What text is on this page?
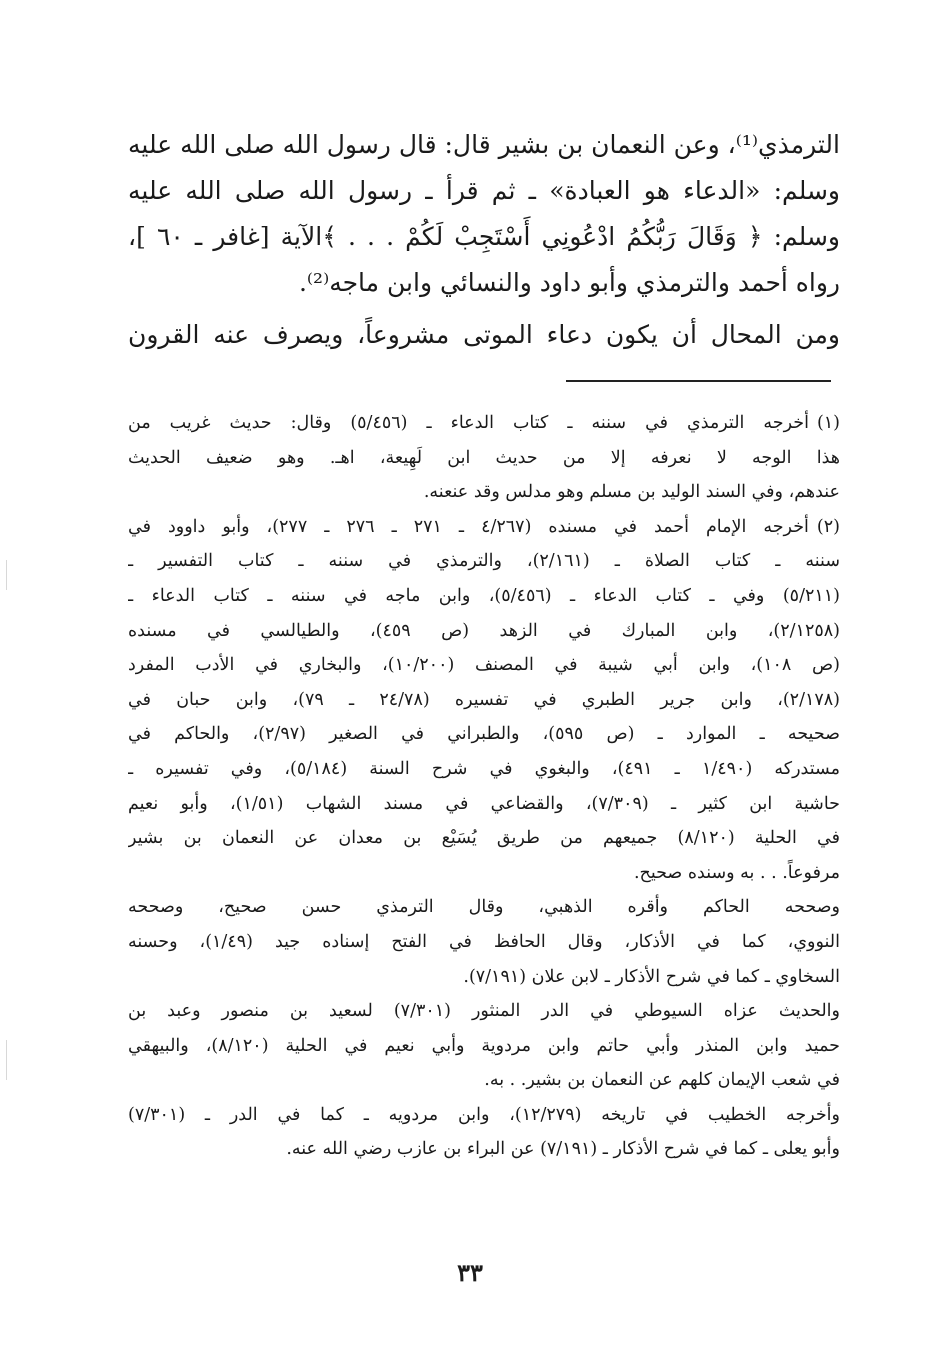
الترمذي⁽¹⁾، وعن النعمان بن بشير قال: قال رسول الله صلى الله عليه
وسلم: «الدعاء هو العبادة» ـ ثم قرأ ـ رسول الله صلى الله عليه
وسلم: ﴿ وَقَالَ رَبُّكُمُ ادْعُونِي أَسْتَجِبْ لَكُمْ . . . ﴾الآية [غافر ـ ٦٠ ]،
رواه أحمد والترمذي وأبو داود والنسائي وابن ماجه⁽²⁾.
ومن المحال أن يكون دعاء الموتى مشروعاً، ويصرف عنه القرون
(١)أخرجه الترمذي في سننه ـ كتاب الدعاء ـ (٥/٤٥٦) وقال: حديث غريب من
هذا الوجه لا نعرفه إلا من حديث ابن لَهِيعة، اهـ. وهو ضعيف الحديث
عندهم، وفي السند الوليد بن مسلم وهو مدلس وقد عنعنه.
(٢)أخرجه الإمام أحمد في مسنده (٤/٢٦٧ ـ ٢٧١ ـ ٢٧٦ ـ ٢٧٧)، وأبو داوود في
سننه ـ كتاب الصلاة ـ (٢/١٦١)، والترمذي في سننه ـ كتاب التفسير ـ
(٥/٢١١) وفي ـ كتاب الدعاء ـ (٥/٤٥٦)، وابن ماجه في سننه ـ كتاب الدعاء ـ
(٢/١٢٥٨)، وابن المبارك في الزهد (ص ٤٥٩)، والطيالسي في مسنده
(ص ١٠٨)، وابن أبي شيبة في المصنف (١٠/٢٠٠)، والبخاري في الأدب المفرد
(٢/١٧٨)، وابن جرير الطبري في تفسيره (٢٤/٧٨ ـ ٧٩)، وابن حبان في
صحيحه ـ الموارد ـ (ص ٥٩٥)، والطبراني في الصغير (٢/٩٧)، والحاكم في
مستدركه (١/٤٩٠ ـ ٤٩١)، والبغوي في شرح السنة (٥/١٨٤)، وفي تفسيره ـ
حاشية ابن كثير ـ (٧/٣٠٩)، والقضاعي في مسند الشهاب (١/٥١)، وأبو نعيم
في الحلية (٨/١٢٠) جميعهم من طريق يُسَيْع بن معدان عن النعمان بن بشير
مرفوعاً. . . به وسنده صحيح.
وصححه الحاكم وأقره الذهبي، وقال الترمذي حسن صحيح، وصححه
النووي، كما في الأذكار، وقال الحافظ في الفتح إسناده جيد (١/٤٩)، وحسنه
السخاوي ـ كما في شرح الأذكار ـ لابن علان (٧/١٩١).
والحديث عزاه السيوطي في الدر المنثور (٧/٣٠١) لسعيد بن منصور وعبد بن
حميد وابن المنذر وأبي حاتم وابن مردوية وأبي نعيم في الحلية (٨/١٢٠)، والبيهقي
في شعب الإيمان كلهم عن النعمان بن بشير. . به.
وأخرجه الخطيب في تاريخه (١٢/٢٧٩)، وابن مردويه ـ كما في الدر ـ (٧/٣٠١)
وأبو يعلى ـ كما في شرح الأذكار ـ (٧/١٩١) عن البراء بن عازب رضي الله عنه.
٣٣
